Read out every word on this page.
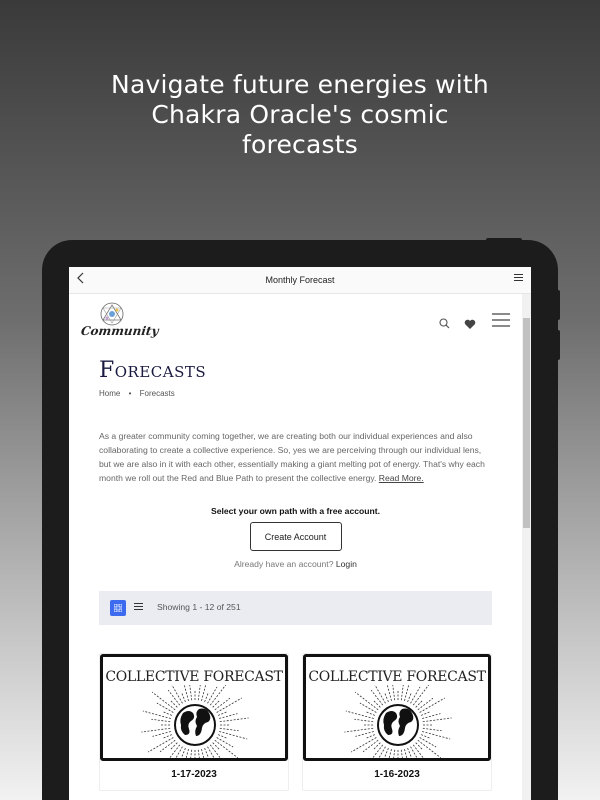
Navigate future energies with
Chakra Oracle's cosmic
forecasts
Monthly Forecast
Community
Forecasts
Home • Forecasts

As a greater community coming together, we are creating both our individual experiences and also collaborating to create a collective experience. So, yes we are perceiving through our individual lens, but we are also in it with each other, essentially making a giant melting pot of energy. That's why each month we roll out the Red and Blue Path to present the collective energy. Read More.

Select your own path with a free account.
Create Account
Already have an account? Login
Showing 1 - 12 of 251
COLLECTIVE FORECAST
1-17-2023
COLLECTIVE FORECAST
1-16-2023
